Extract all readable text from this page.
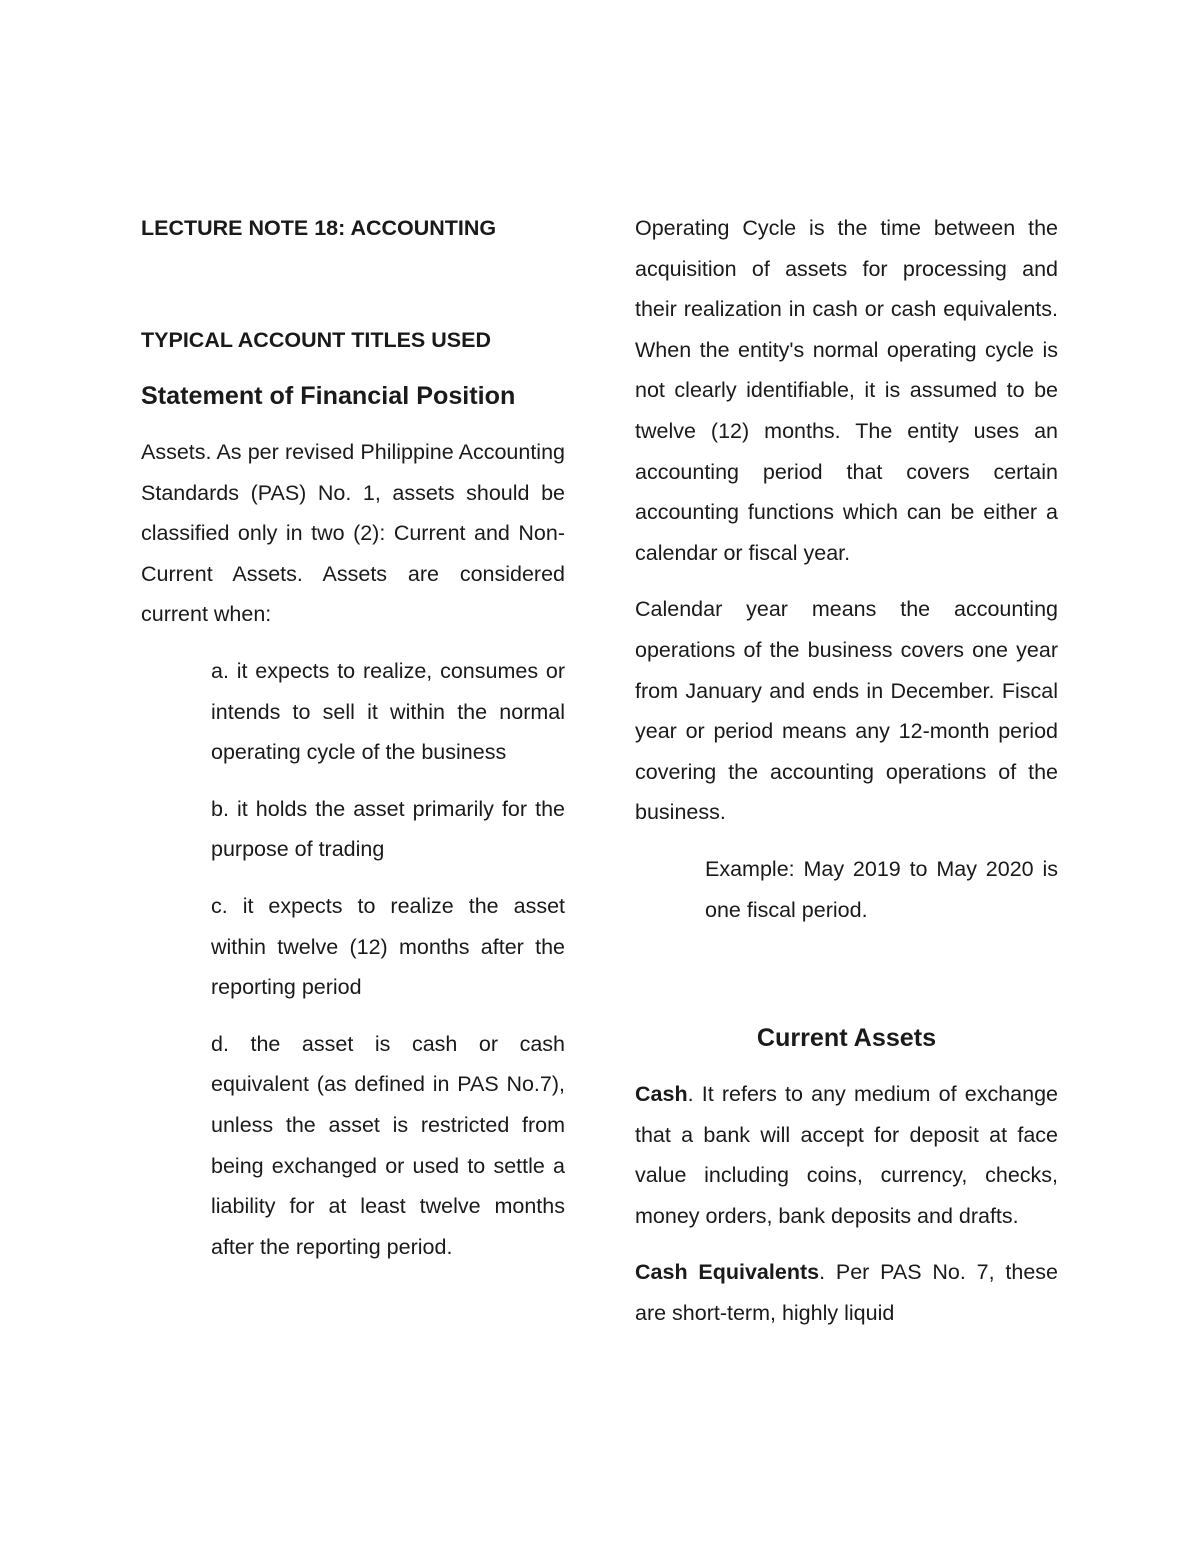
LECTURE NOTE 18: ACCOUNTING
TYPICAL ACCOUNT TITLES USED
Statement of Financial Position

Assets. As per revised Philippine Accounting Standards (PAS) No. 1, assets should be classified only in two (2): Current and Non-Current Assets. Assets are considered current when:

a. it expects to realize, consumes or intends to sell it within the normal operating cycle of the business

b. it holds the asset primarily for the purpose of trading

c. it expects to realize the asset within twelve (12) months after the reporting period

d. the asset is cash or cash equivalent (as defined in PAS No.7), unless the asset is restricted from being exchanged or used to settle a liability for at least twelve months after the reporting period.

Operating Cycle is the time between the acquisition of assets for processing and their realization in cash or cash equivalents. When the entity's normal operating cycle is not clearly identifiable, it is assumed to be twelve (12) months. The entity uses an accounting period that covers certain accounting functions which can be either a calendar or fiscal year.

Calendar year means the accounting operations of the business covers one year from January and ends in December. Fiscal year or period means any 12-month period covering the accounting operations of the business.

Example: May 2019 to May 2020 is one fiscal period.

Current Assets

Cash. It refers to any medium of exchange that a bank will accept for deposit at face value including coins, currency, checks, money orders, bank deposits and drafts.

Cash Equivalents. Per PAS No. 7, these are short-term, highly liquid
